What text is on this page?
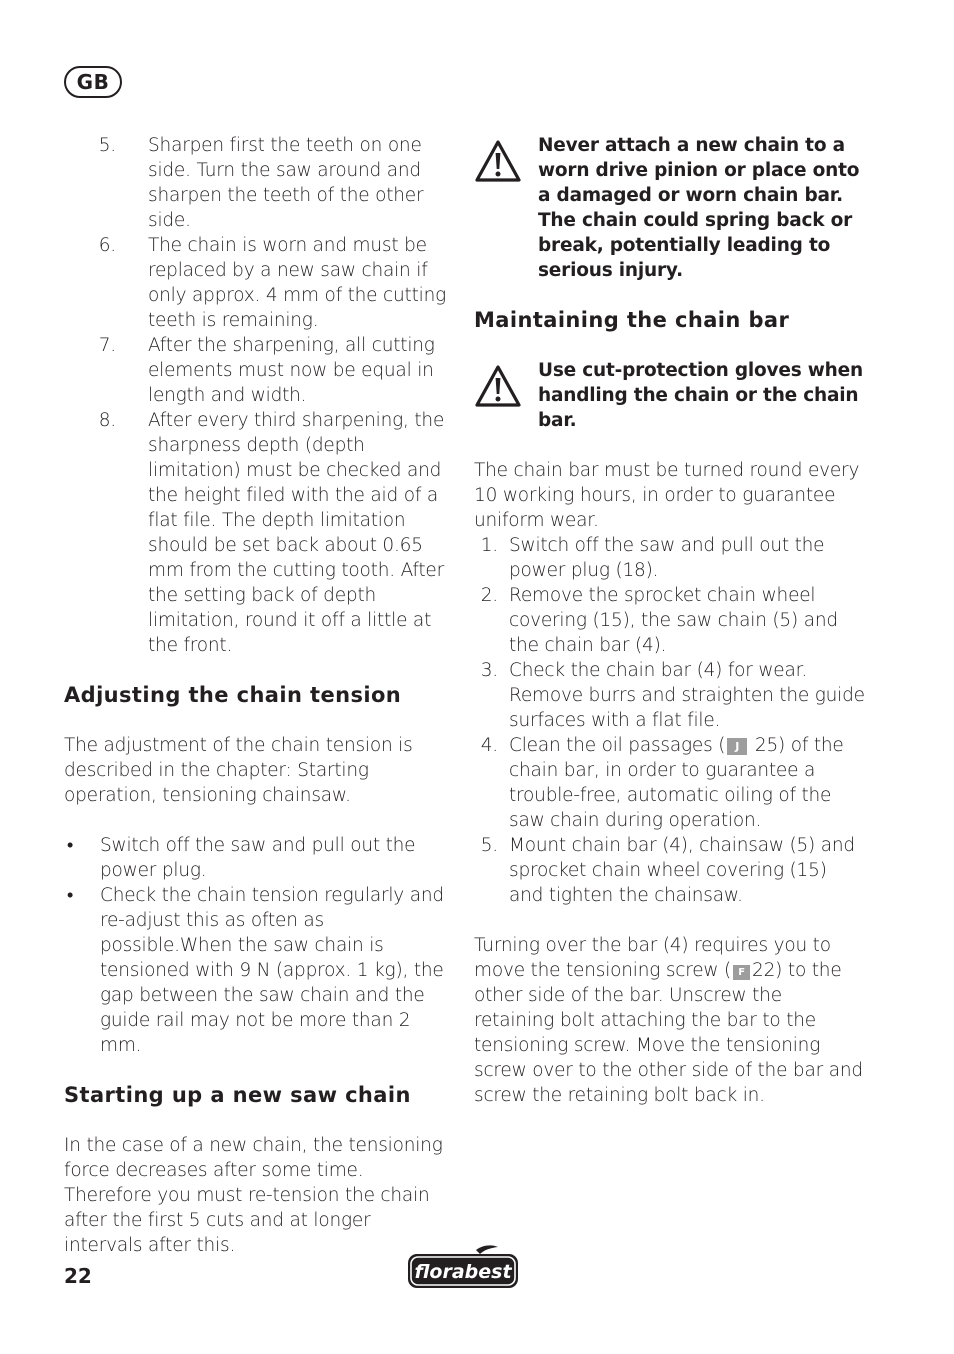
GB
5. Sharpen first the teeth on one side. Turn the saw around and sharpen the teeth of the other side.
6. The chain is worn and must be replaced by a new saw chain if only approx. 4 mm of the cutting teeth is remaining.
7. After the sharpening, all cutting elements must now be equal in length and width.
8. After every third sharpening, the sharpness depth (depth limitation) must be checked and the height filed with the aid of a flat file. The depth limitation should be set back about 0.65 mm from the cutting tooth. After the setting back of depth limitation, round it off a little at the front.
Adjusting the chain tension

The adjustment of the chain tension is described in the chapter: Starting operation, tensioning chainsaw.

• Switch off the saw and pull out the power plug.
• Check the chain tension regularly and re-adjust this as often as possible.When the saw chain is tensioned with 9 N (approx. 1 kg), the gap between the saw chain and the guide rail may not be more than 2 mm.
Starting up a new saw chain

In the case of a new chain, the tensioning force decreases after some time. Therefore you must re-tension the chain after the first 5 cuts and at longer intervals after this.

Never attach a new chain to a worn drive pinion or place onto a damaged or worn chain bar. The chain could spring back or break, potentially leading to serious injury.

Maintaining the chain bar

Use cut-protection gloves when handling the chain or the chain bar.

The chain bar must be turned round every 10 working hours, in order to guarantee uniform wear.

1. Switch off the saw and pull out the power plug (18).
2. Remove the sprocket chain wheel covering (15), the saw chain (5) and the chain bar (4).
3. Check the chain bar (4) for wear. Remove burrs and straighten the guide surfaces with a flat file.
4. Clean the oil passages ( J 25) of the chain bar, in order to guarantee a trouble-free, automatic oiling of the saw chain during operation.
5. Mount chain bar (4), chainsaw (5) and sprocket chain wheel covering (15) and tighten the chainsaw.

Turning over the bar (4) requires you to move the tensioning screw ( F 22) to the other side of the bar. Unscrew the retaining bolt attaching the bar to the tensioning screw. Move the tensioning screw over to the other side of the bar and screw the retaining bolt back in.

22	florabest
